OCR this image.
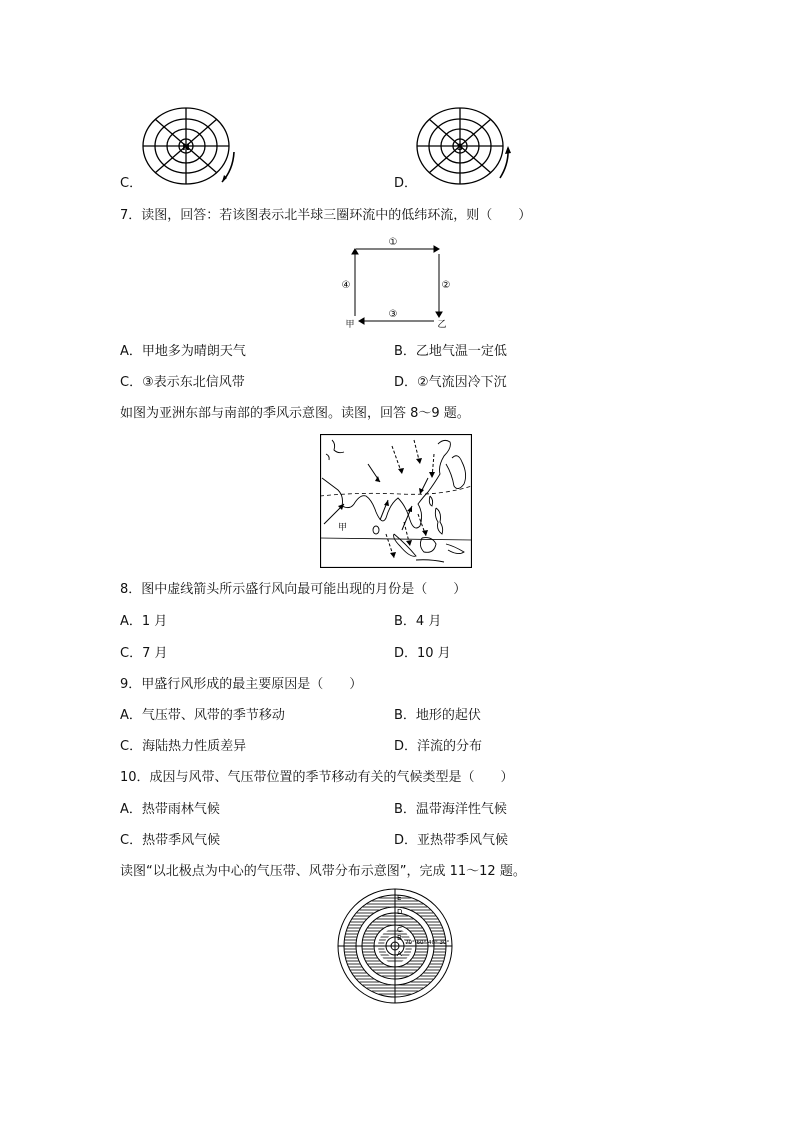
N
C．
S
D．
7．读图，回答：若该图表示北半球三圈环流中的低纬环流，则（　　）
①
②
③
④
甲	乙
A．甲地多为晴朗天气	B．乙地气温一定低
C．③表示东北信风带	D．②气流因冷下沉
如图为亚洲东部与南部的季风示意图。读图，回答 8～9 题。
甲
8．图中虚线箭头所示盛行风向最可能出现的月份是（　　）
A．1 月	B．4 月
C．7 月	D．10 月
9．甲盛行风形成的最主要原因是（　　）
A．气压带、风带的季节移动	B．地形的起伏
C．海陆热力性质差异	D．洋流的分布
10．成因与风带、气压带位置的季节移动有关的气候类型是（　　）
A．热带雨林气候	B．温带海洋性气候
C．热带季风气候	D．亚热带季风气候
读图“以北极点为中心的气压带、风带分布示意图”，完成 11～12 题。
E
D
C
B
A
70° 60° 40° 30°
